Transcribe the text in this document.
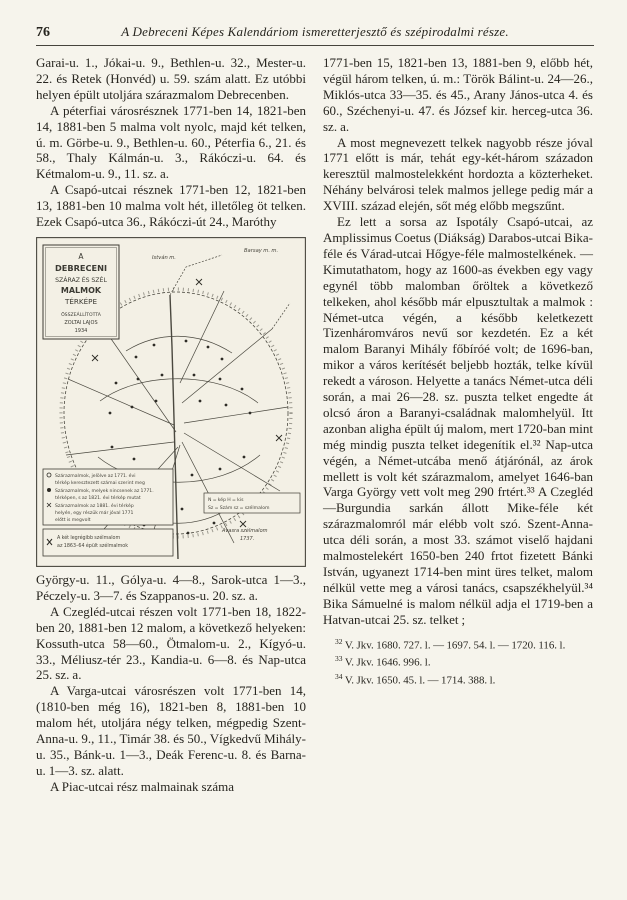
76	A Debreceni Képes Kalendáriom ismeretterjesztő és szépirodalmi része.

Garai-u. 1., Jókai-u. 9., Bethlen-u. 32., Mester-u. 22. és Retek (Honvéd) u. 59. szám alatt. Ez utóbbi helyen épült utoljára szárazmalom Debrecenben.

A péterfiai városrésznek 1771-ben 14, 1821-ben 14, 1881-ben 5 malma volt nyolc, majd két telken, ú. m. Görbe-u. 9., Bethlen-u. 60., Péterfia 6., 21. és 58., Thaly Kálmán-u. 3., Rákóczi-u. 64. és Kétmalom-u. 9., 11. sz. a.

A Csapó-utcai résznek 1771-ben 12, 1821-ben 13, 1881-ben 10 malma volt hét, illetőleg öt telken. Ezek Csapó-utca 36., Rákóczi-út 24., Maróthy

A
DEBRECENI
SZÁRAZ ÉS SZÉL
MALMOK
TÉRKÉPE
ÖSSZEÁLLÍTOTTA
ZOLTAI LAJOS
1934
István m.
Barsay m. m.
Szárazmalmok, jelölve az 1771. évi
térkép keresztezett számai szerint meg
Szárazmalmok, melyek nincsenek az 1771.
térképen, s az 1821. évi térkép mutat
Szárazmalmok az 1881. évi térkép
helyén, egy részük már jóval 1771
előtt is megvolt
A két legrégibb szélmalom
az 1863–64 épült szélmalmok
N = kép H = kis
Sz = Szám sz = szélmalom
Avasra szélmalom
1737.

György-u. 11., Gólya-u. 4—8., Sarok-utca 1—3., Péczely-u. 3—7. és Szappanos-u. 20. sz. a.

A Czegléd-utcai részen volt 1771-ben 18, 1822-ben 20, 1881-ben 12 malom, a következő helyeken: Kossuth-utca 58—60., Ötmalom-u. 2., Kígyó-u. 33., Méliusz-tér 23., Kandia-u. 6—8. és Nap-utca 25. sz. a.

A Varga-utcai városrészen volt 1771-ben 14, (1810-ben még 16), 1821-ben 8, 1881-ben 10 malom hét, utoljára négy telken, mégpedig Szent-Anna-u. 9., 11., Timár 38. és 50., Vígkedvű Mihály-u. 35., Bánk-u. 1—3., Deák Ferenc-u. 8. és Barna-u. 1—3. sz. alatt.

A Piac-utcai rész malmainak száma

1771-ben 15, 1821-ben 13, 1881-ben 9, előbb hét, végül három telken, ú. m.: Török Bálint-u. 24—26., Miklós-utca 33—35. és 45., Arany János-utca 4. és 60., Széchenyi-u. 47. és József kir. herceg-utca 36. sz. a.

A most megnevezett telkek nagyobb része jóval 1771 előtt is már, tehát egy-két-három századon keresztül malmostelekként hordozta a közterheket. Néhány belvárosi telek malmos jellege pedig már a XVIII. század elején, sőt még előbb megszűnt.

Ez lett a sorsa az Ispotály Csapó-utcai, az Amplissimus Coetus (Diákság) Darabos-utcai Bika-féle és Várad-utcai Hőgye-féle malmostelkének. — Kimutathatom, hogy az 1600-as években egy vagy egynél több malomban őröltek a következő telkeken, ahol később már elpusztultak a malmok : Német-utca végén, a később keletkezett Tizenháromváros nevű sor kezdetén. Ez a két malom Baranyi Mihály főbíróé volt; de 1696-ban, mikor a város kerítését beljebb hozták, telke kívül rekedt a városon. Helyette a tanács Német-utca déli során, a mai 26—28. sz. puszta telket engedte át olcsó áron a Baranyi-családnak malomhelyül. Itt azonban aligha épült új malom, mert 1720-ban mint még mindig puszta telket idegenítik el.³² Nap-utca végén, a Német-utcába menő átjárónál, az árok mellett is volt két szárazmalom, amelyet 1646-ban Varga György vett volt meg 290 frtért.³³ A Czegléd—Burgundia sarkán állott Mike-féle két szárazmalomról már elébb volt szó. Szent-Anna-utca déli során, a most 33. számot viselő hajdani malmostelekért 1650-ben 240 frtot fizetett Bánki István, ugyanezt 1714-ben mint üres telket, malom nélkül vette meg a városi tanács, csapszékhelyül.³⁴ Bika Sámuelné is malom nélkül adja el 1719-ben a Hatvan-utcai 25. sz. telket ;

$^{32}$ V. Jkv. 1680. 727. l. — 1697. 54. l. — 1720. 116. l.
$^{33}$ V. Jkv. 1646. 996. l.
$^{34}$ V. Jkv. 1650. 45. l. — 1714. 388. l.
